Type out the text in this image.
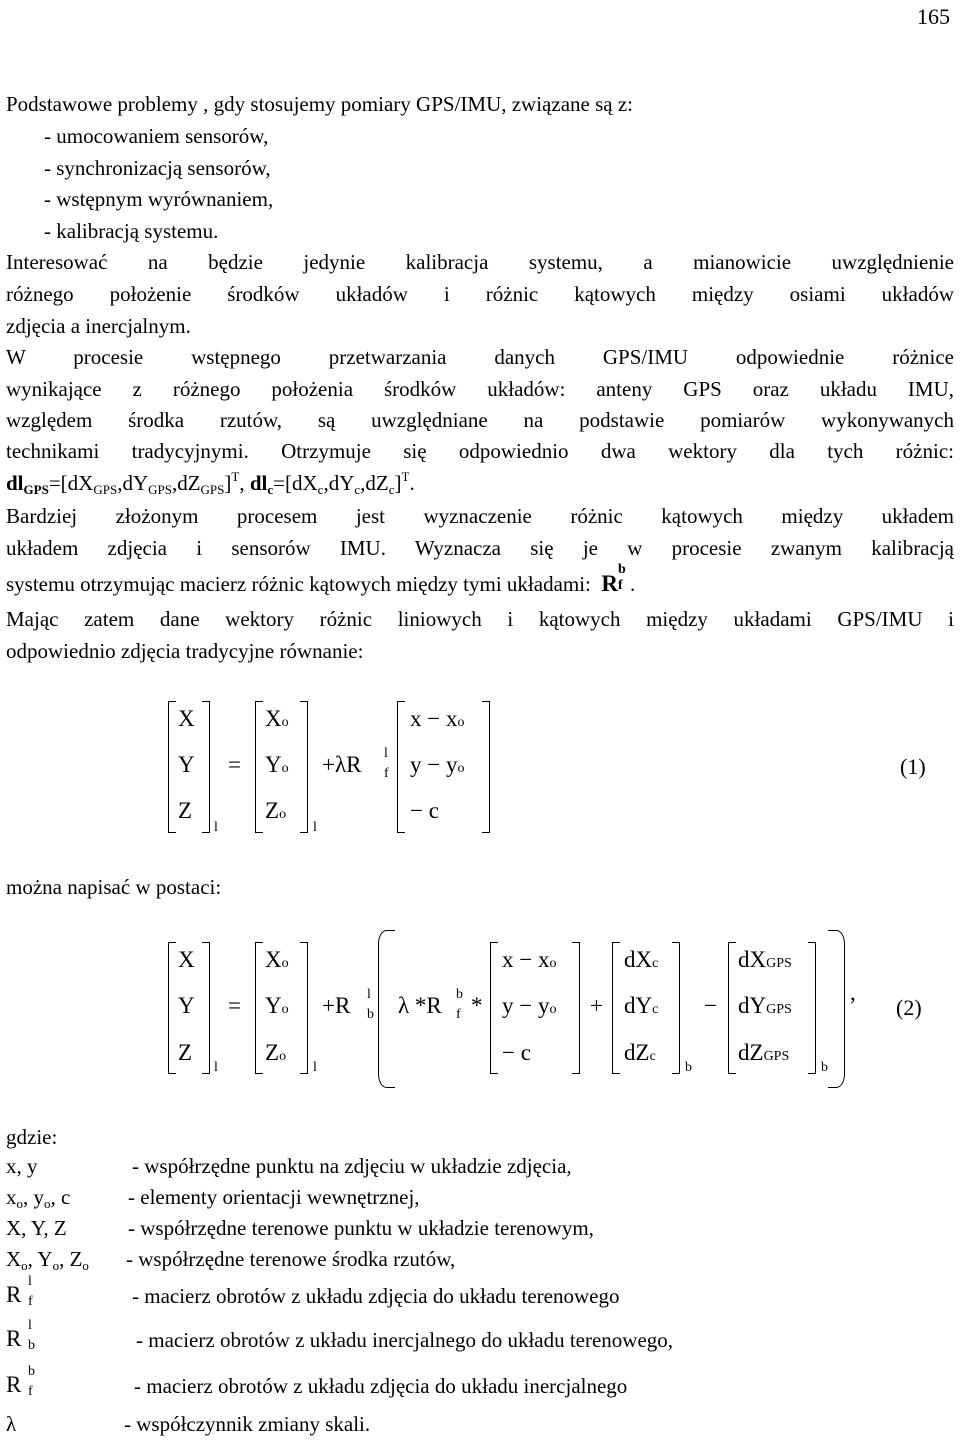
165
Podstawowe problemy , gdy stosujemy pomiary GPS/IMU, związane są z:
- umocowaniem sensorów,
- synchronizacją sensorów,
- wstępnym wyrównaniem,
- kalibracją systemu.
Interesować na będzie jedynie kalibracja systemu, a mianowicie uwzględnienie
różnego położenie środków układów i różnic kątowych między osiami układów
zdjęcia a inercjalnym.
W procesie wstępnego przetwarzania danych GPS/IMU odpowiednie różnice
wynikające z różnego położenia środków układów: anteny GPS oraz układu IMU,
względem środka rzutów, są uwzględniane na podstawie pomiarów wykonywanych
technikami tradycyjnymi. Otrzymuje się odpowiednio dwa wektory dla tych różnic:
$dl_{GPS}=[dX_{GPS},dY_{GPS},dZ_{GPS}]^T$, $dl_c=[dX_c,dY_c,dZ_c]^T$.
Bardziej złożonym procesem jest wyznaczenie różnic kątowych między układem
układem zdjęcia i sensorów IMU. Wyznacza się je w procesie zwanym kalibracją
systemu otrzymując macierz różnic kątowych między tymi układami: R
b
f .
Mając zatem dane wektory różnic liniowych i kątowych między układami GPS/IMU i
odpowiednio zdjęcia tradycyjne równanie:
X
Y
Z
l
=
Xo
Yo
Zo
l
+λR l
f
x − xo
y − yo
− c
(1)
można napisać w postaci:
X
Y
Z
l
=
Xo
Yo
Zo
l
+R l
b λ *R b
f *
x − xo
y − yo
− c
+
dXc
dYc
dZc
b
−
dXGPS
dYGPS
dZGPS
b
,
(2)
gdzie:
x, y	- współrzędne punktu na zdjęciu w układzie zdjęcia,
$x_o$, $y_o$, c	- elementy orientacji wewnętrznej,
X, Y, Z	- współrzędne terenowe punktu w układzie terenowym,
$X_o$, $Y_o$, $Z_o$ - współrzędne terenowe środka rzutów,
R
l
f	- macierz obrotów z układu zdjęcia do układu terenowego
R
l
b	- macierz obrotów z układu inercjalnego do układu terenowego,
R
b
f	- macierz obrotów z układu zdjęcia do układu inercjalnego
λ	- współczynnik zmiany skali.
